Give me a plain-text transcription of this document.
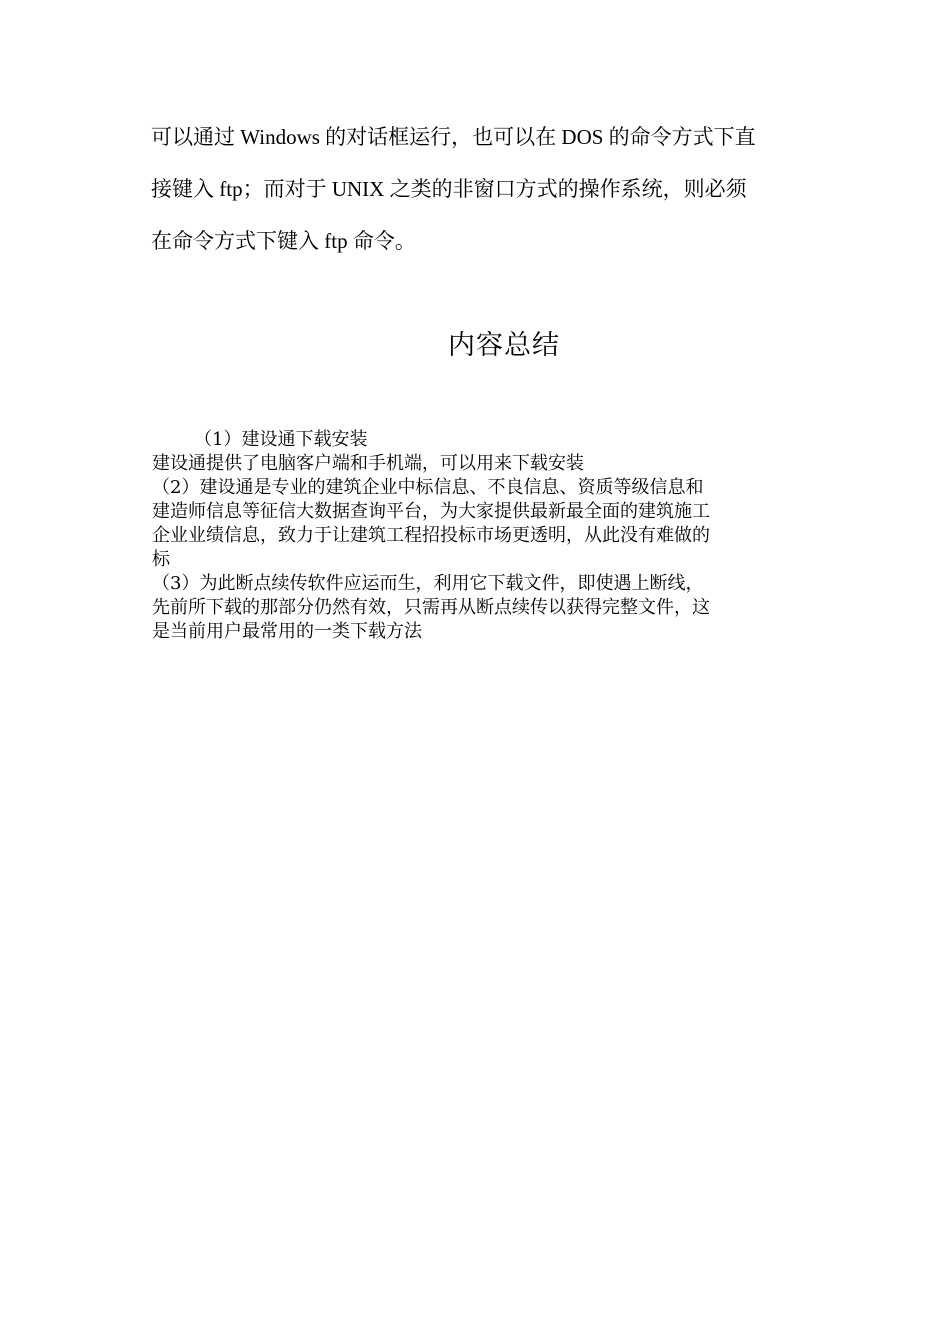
可以通过 Windows 的对话框运行，也可以在 DOS 的命令方式下直
接键入 ftp；而对于 UNIX 之类的非窗口方式的操作系统，则必须
在命令方式下键入 ftp 命令。
内容总结
（1）建设通下载安装
建设通提供了电脑客户端和手机端，可以用来下载安装
（2）建设通是专业的建筑企业中标信息、不良信息、资质等级信息和
建造师信息等征信大数据查询平台，为大家提供最新最全面的建筑施工
企业业绩信息，致力于让建筑工程招投标市场更透明，从此没有难做的
标
（3）为此断点续传软件应运而生，利用它下载文件，即使遇上断线，
先前所下载的那部分仍然有效，只需再从断点续传以获得完整文件，这
是当前用户最常用的一类下载方法
